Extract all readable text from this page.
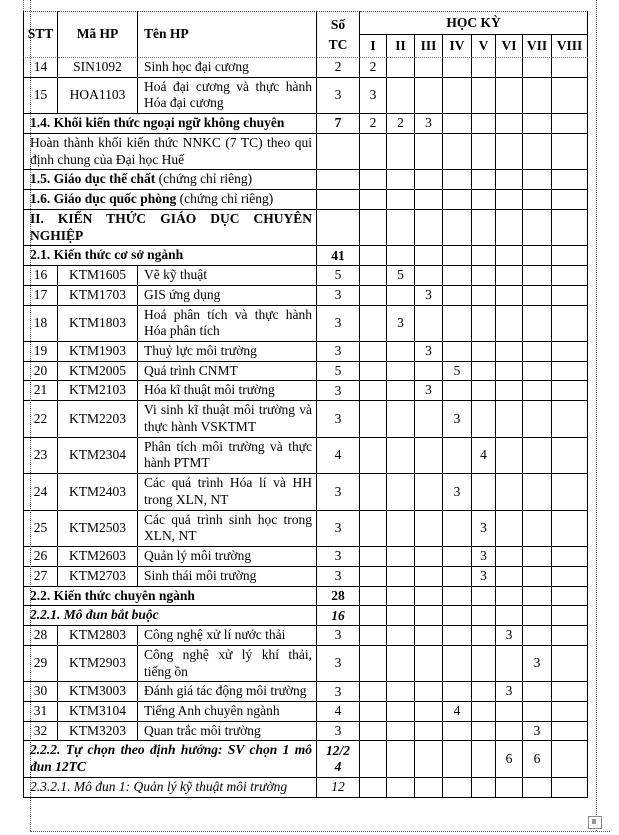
STT	Mã HP	Tên HP	Số
TC	HỌC KỲ							
				I	II	III	IV	V	VI	VII	VIII
14	SIN1092	Sinh học đại cương	2	2							
15	HOA1103	Hoá đại cương và thực hành Hóa đại cương	3	3							
1.4. Khối kiến thức ngoại ngữ không chuyên			7	2	2	3					
Hoàn thành khối kiến thức NNKC (7 TC) theo qui định chung của Đại học Huế											
1.5. Giáo dục thể chất (chứng chỉ riêng)											
1.6. Giáo dục quốc phòng (chứng chỉ riêng)											
II. KIẾN THỨC GIÁO DỤC CHUYÊN NGHIỆP											
2.1. Kiến thức cơ sở ngành			41								
16	KTM1605	Vẽ kỹ thuật	5		5						
17	KTM1703	GIS ứng dụng	3			3					
18	KTM1803	Hoá phân tích và thực hành Hóa phân tích	3		3						
19	KTM1903	Thuỷ lực môi trường	3			3					
20	KTM2005	Quá trình CNMT	5				5				
21	KTM2103	Hóa kĩ thuật môi trường	3			3					
22	KTM2203	Vi sinh kĩ thuật môi trường và thực hành VSKTMT	3				3				
23	KTM2304	Phân tích môi trường và thực hành PTMT	4					4			
24	KTM2403	Các quá trình Hóa lí và HH trong XLN, NT	3				3				
25	KTM2503	Các quá trình sinh học trong XLN, NT	3					3			
26	KTM2603	Quản lý môi trường	3					3			
27	KTM2703	Sinh thái môi trường	3					3			
2.2. Kiến thức chuyên ngành			28								
2.2.1. Mô đun bắt buộc			16								
28	KTM2803	Công nghệ xử lí nước thải	3						3		
29	KTM2903	Công nghệ xử lý khí thải, tiếng ồn	3							3	
30	KTM3003	Đánh giá tác động môi trường	3						3		
31	KTM3104	Tiếng Anh chuyên ngành	4				4				
32	KTM3203	Quan trắc môi trường	3							3	
2.2.2. Tự chọn theo định hướng: SV chọn 1 mô đun 12TC			12/24						6	6	
2.3.2.1. Mô đun 1: Quản lý kỹ thuật môi trường			12								
